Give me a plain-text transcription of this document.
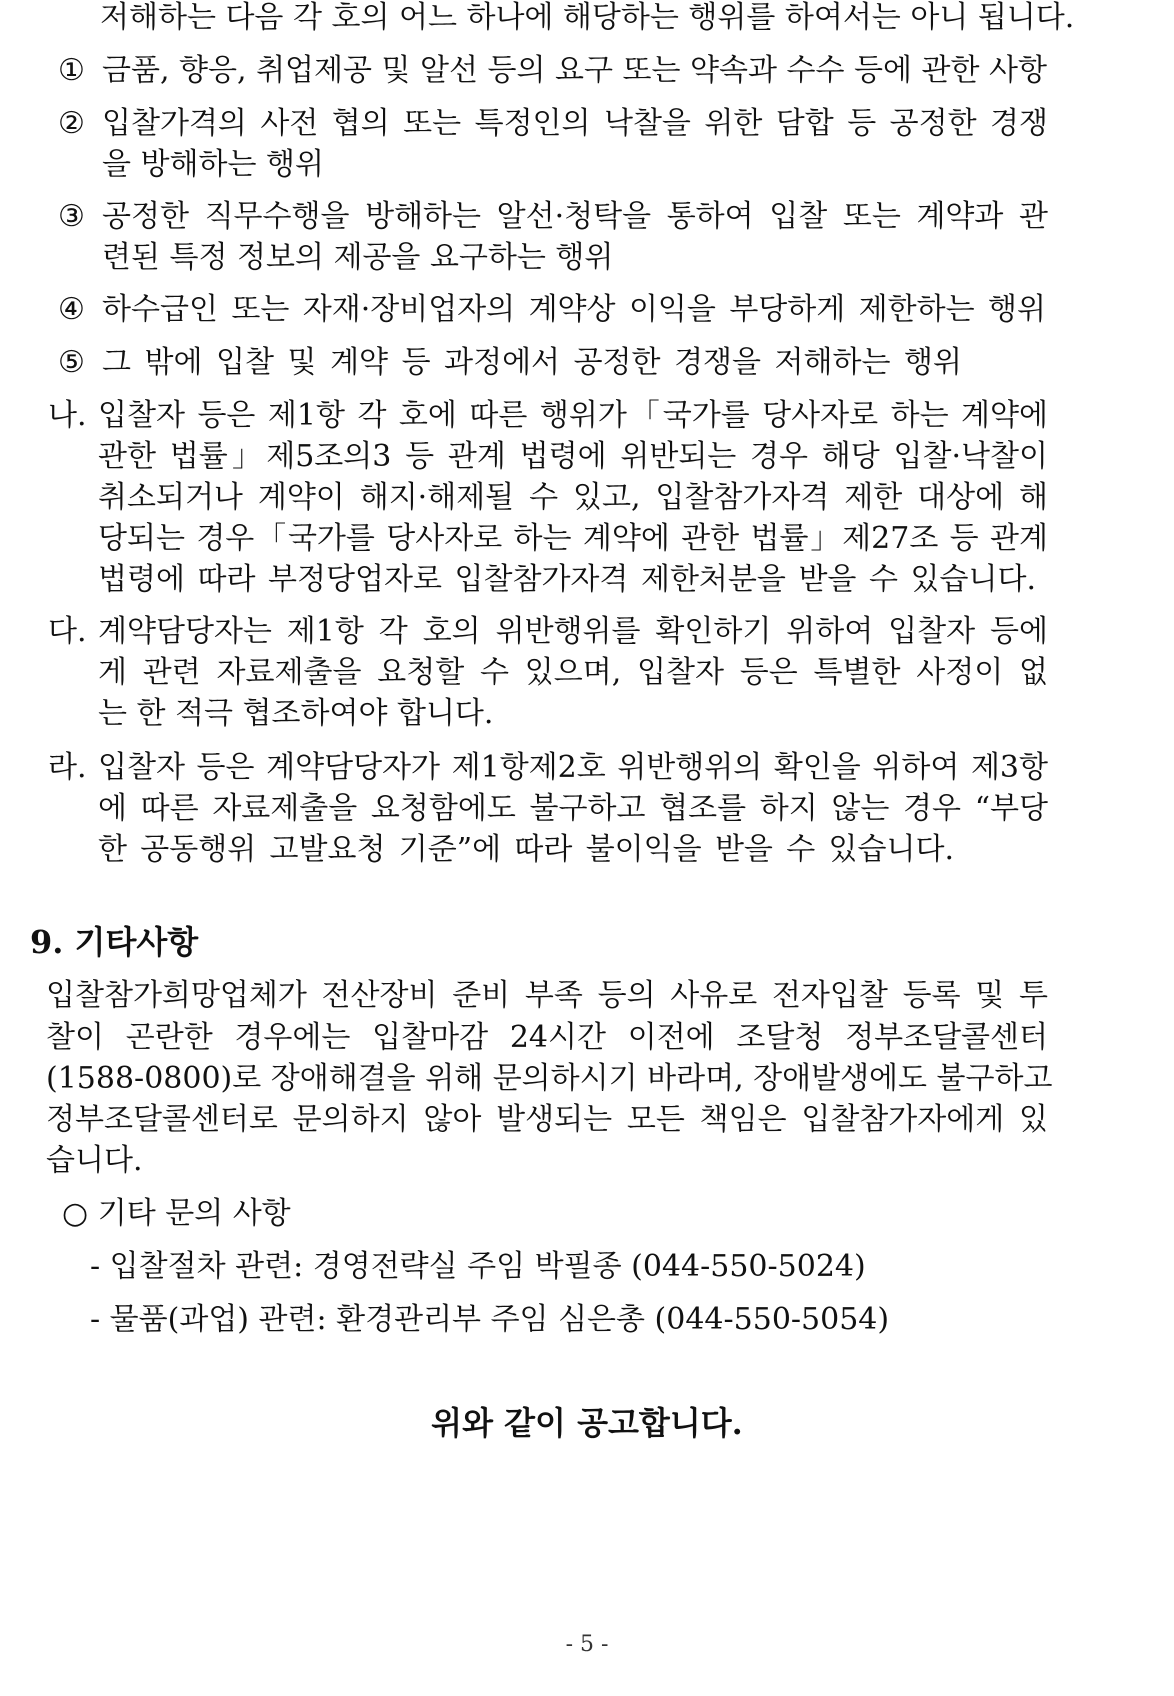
저해하는 다음 각 호의 어느 하나에 해당하는 행위를 하여서는 아니 됩니다.

① 금품, 향응, 취업제공 및 알선 등의 요구 또는 약속과 수수 등에 관한 사항

② 입찰가격의 사전 협의 또는 특정인의 낙찰을 위한 담합 등 공정한 경쟁

을 방해하는 행위

③ 공정한 직무수행을 방해하는 알선·청탁을 통하여 입찰 또는 계약과 관

련된 특정 정보의 제공을 요구하는 행위

④ 하수급인 또는 자재·장비업자의 계약상 이익을 부당하게 제한하는 행위

⑤ 그 밖에 입찰 및 계약 등 과정에서 공정한 경쟁을 저해하는 행위

나. 입찰자 등은 제1항 각 호에 따른 행위가「국가를 당사자로 하는 계약에

관한 법률」제5조의3 등 관계 법령에 위반되는 경우 해당 입찰·낙찰이

취소되거나 계약이 해지·해제될 수 있고, 입찰참가자격 제한 대상에 해

당되는 경우「국가를 당사자로 하는 계약에 관한 법률」제27조 등 관계

법령에 따라 부정당업자로 입찰참가자격 제한처분을 받을 수 있습니다.

다. 계약담당자는 제1항 각 호의 위반행위를 확인하기 위하여 입찰자 등에

게 관련 자료제출을 요청할 수 있으며, 입찰자 등은 특별한 사정이 없

는 한 적극 협조하여야 합니다.

라. 입찰자 등은 계약담당자가 제1항제2호 위반행위의 확인을 위하여 제3항

에 따른 자료제출을 요청함에도 불구하고 협조를 하지 않는 경우 “부당

한 공동행위 고발요청 기준”에 따라 불이익을 받을 수 있습니다.

9. 기타사항

입찰참가희망업체가 전산장비 준비 부족 등의 사유로 전자입찰 등록 및 투

찰이 곤란한 경우에는 입찰마감 24시간 이전에 조달청 정부조달콜센터

(1588-0800)로 장애해결을 위해 문의하시기 바라며, 장애발생에도 불구하고

정부조달콜센터로 문의하지 않아 발생되는 모든 책임은 입찰참가자에게 있

습니다.

○ 기타 문의 사항

- 입찰절차 관련: 경영전략실 주임 박필종 (044-550-5024)

- 물품(과업) 관련: 환경관리부 주임 심은총 (044-550-5054)

위와 같이 공고합니다.

- 5 -
